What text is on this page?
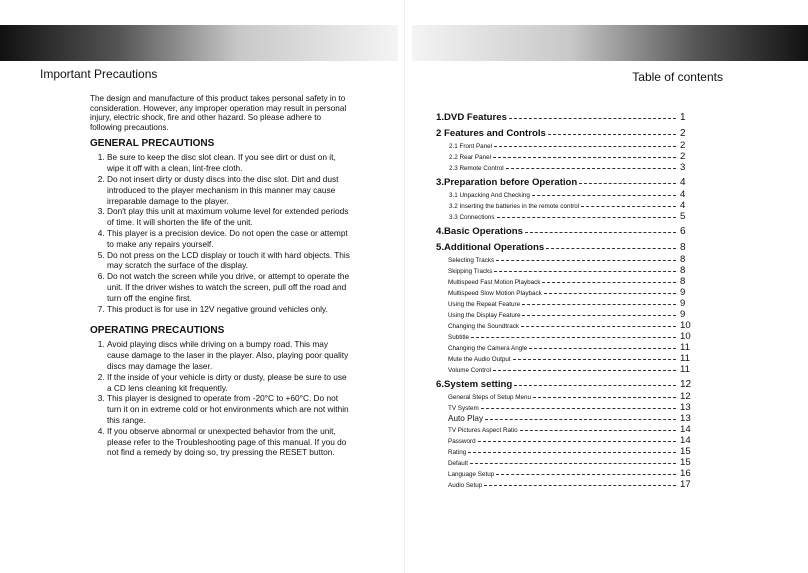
Important Precautions	Table of contents

The design and manufacture of this product takes personal safety in to consideration. However, any improper operation may result in personal injury, electric shock, fire and other hazard. So please adhere to following precautions.

GENERAL PRECAUTIONS
1. Be sure to keep the disc slot clean. If you see dirt or dust on it, wipe it off with a clean, lint-free cloth.
2. Do not insert dirty or dusty discs into the disc slot. Dirt and dust introduced to the player mechanism in this manner may cause irreparable damage to the player.
3. Don't play this unit at maximum volume level for extended periods of time. It will shorten the life of the unit.
4. This player is a precision device. Do not open the case or attempt to make any repairs yourself.
5. Do not press on the LCD display or touch it with hard objects. This may scratch the surface of the display.
6. Do not watch the screen while you drive, or attempt to operate the unit. If the driver wishes to watch the screen, pull off the road and turn off the engine first.
7. This product is for use in 12V negative ground vehicles only.
OPERATING PRECAUTIONS
1. Avoid playing discs while driving on a bumpy road. This may cause damage to the laser in the player. Also, playing poor quality discs may damage the laser.
2. If the inside of your vehicle is dirty or dusty, please be sure to use a CD lens cleaning kit frequently.
3. This player is designed to operate from -20°C to +60°C. Do not turn it on in extreme cold or hot environments which are not within this range.
4. If you observe abnormal or unexpected behavior from the unit, please refer to the Troubleshooting page of this manual. If you do not find a remedy by doing so, try pressing the RESET button.
1.DVD Features	1
2 Features and Controls	2
2.1 Front Panel	2
2.2 Rear Panel	2
2.3 Remote Control	3
3.Preparation before Operation	4
3.1 Unpacking And Checking	4
3.2 Inserting the batteries in the remote control	4
3.3 Connections	5
4.Basic Operations	6
5.Additional Operations	8
Selecting Tracks	8
Skipping Tracks	8
Multispeed Fast Motion Playback	8
Multispeed Slow Motion Playback	9
Using the Repeat Feature	9
Using the Display Feature	9
Changing the Soundtrack	10
Subtitle	10
Changing the Camera Angle	11
Mute the Audio Output	11
Volume Control	11
6.System setting	12
General Steps of Setup Menu	12
TV System	13
Auto Play	13
TV Pictures Aspect Ratio	14
Password	14
Rating	15
Default	15
Language Setup	16
Audio Setup	17
